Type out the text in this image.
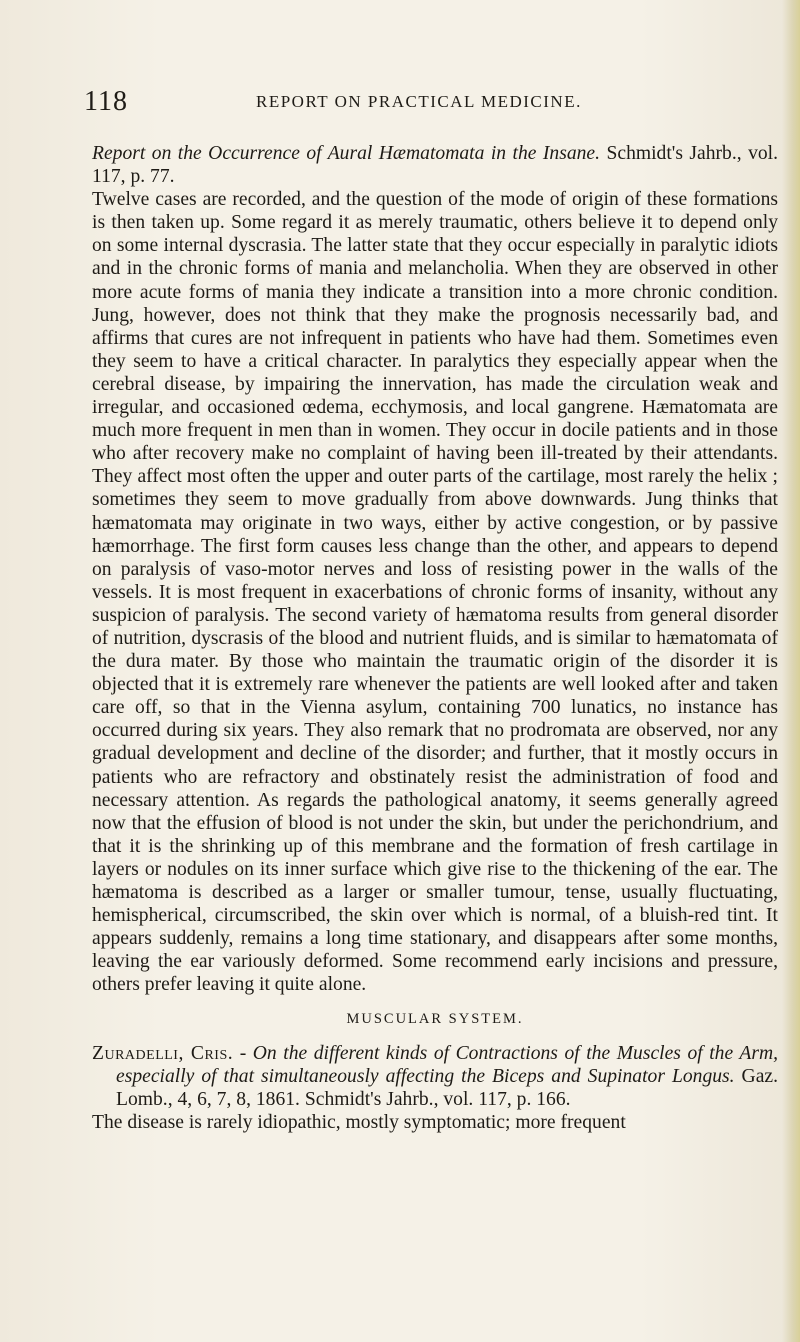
118	REPORT ON PRACTICAL MEDICINE.

Report on the Occurrence of Aural Hæmatomata in the Insane. Schmidt's Jahrb., vol. 117, p. 77.

Twelve cases are recorded, and the question of the mode of origin of these formations is then taken up. Some regard it as merely traumatic, others believe it to depend only on some internal dyscrasia. The latter state that they occur especially in paralytic idiots and in the chronic forms of mania and melancholia. When they are observed in other more acute forms of mania they indicate a transition into a more chronic condition. Jung, however, does not think that they make the prognosis necessarily bad, and affirms that cures are not infrequent in patients who have had them. Sometimes even they seem to have a critical character. In paralytics they especially appear when the cerebral disease, by impairing the innervation, has made the circulation weak and irregular, and occasioned œdema, ecchymosis, and local gangrene. Hæmatomata are much more frequent in men than in women. They occur in docile patients and in those who after recovery make no complaint of having been ill-treated by their attendants. They affect most often the upper and outer parts of the cartilage, most rarely the helix ; sometimes they seem to move gradually from above downwards. Jung thinks that hæmatomata may originate in two ways, either by active congestion, or by passive hæmorrhage. The first form causes less change than the other, and appears to depend on paralysis of vaso-motor nerves and loss of resisting power in the walls of the vessels. It is most frequent in exacerbations of chronic forms of insanity, without any suspicion of paralysis. The second variety of hæmatoma results from general disorder of nutrition, dyscrasis of the blood and nutrient fluids, and is similar to hæmatomata of the dura mater. By those who maintain the traumatic origin of the disorder it is objected that it is extremely rare whenever the patients are well looked after and taken care off, so that in the Vienna asylum, containing 700 lunatics, no instance has occurred during six years. They also remark that no prodromata are observed, nor any gradual development and decline of the disorder; and further, that it mostly occurs in patients who are refractory and obstinately resist the administration of food and necessary attention. As regards the pathological anatomy, it seems generally agreed now that the effusion of blood is not under the skin, but under the perichondrium, and that it is the shrinking up of this membrane and the formation of fresh cartilage in layers or nodules on its inner surface which give rise to the thickening of the ear. The hæmatoma is described as a larger or smaller tumour, tense, usually fluctuating, hemispherical, circumscribed, the skin over which is normal, of a bluish-red tint. It appears suddenly, remains a long time stationary, and disappears after some months, leaving the ear variously deformed. Some recommend early incisions and pressure, others prefer leaving it quite alone.

MUSCULAR SYSTEM.

Zuradelli, Cris. - On the different kinds of Contractions of the Muscles of the Arm, especially of that simultaneously affecting the Biceps and Supinator Longus. Gaz. Lomb., 4, 6, 7, 8, 1861. Schmidt's Jahrb., vol. 117, p. 166.

The disease is rarely idiopathic, mostly symptomatic; more frequent
